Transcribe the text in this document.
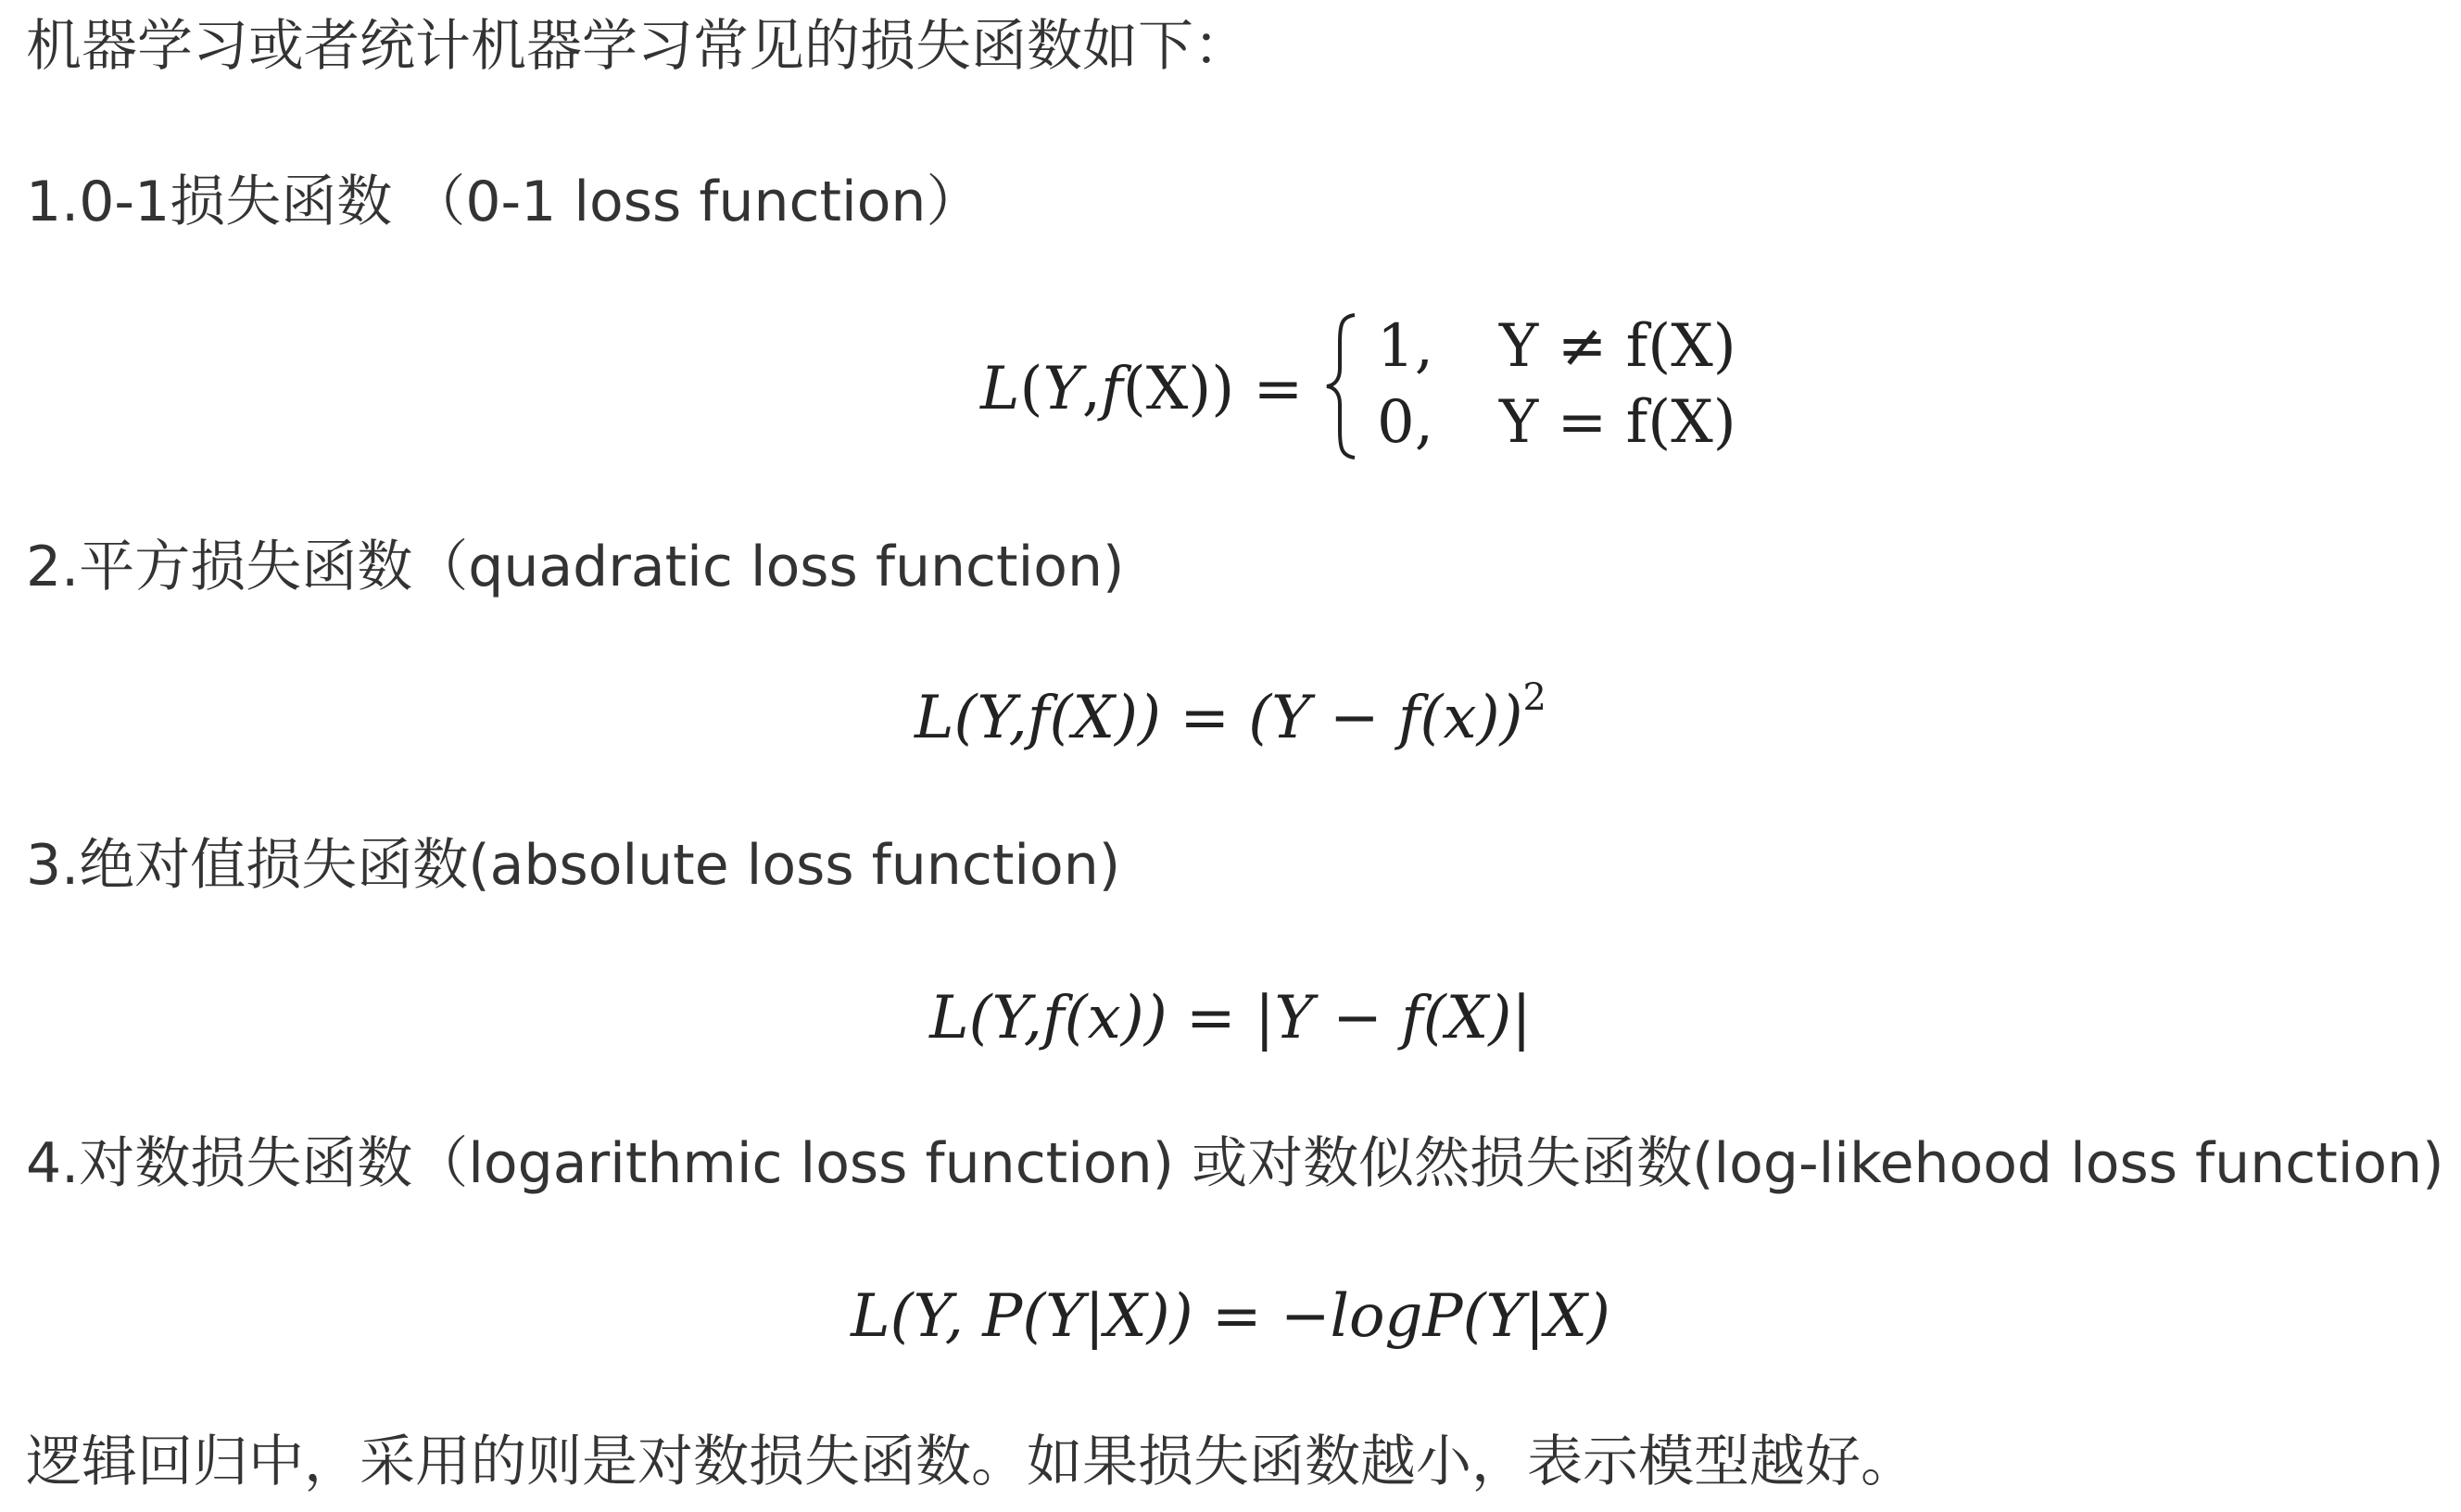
机器学习或者统计机器学习常见的损失函数如下：
1.0-1损失函数 （0-1 loss function）
L(Y,f(X)) =
1, Y ≠ f(X)
0, Y = f(X)
2.平方损失函数（quadratic loss function)
$L(Y,f(X)) = (Y - f(x))^2$
3.绝对值损失函数(absolute loss function)
L(Y,f(x)) = |Y − f(X)|
4.对数损失函数（logarithmic loss function) 或对数似然损失函数(log-likehood loss function)
L(Y, P(Y|X)) = −logP(Y|X)
逻辑回归中，采用的则是对数损失函数。如果损失函数越小，表示模型越好。
